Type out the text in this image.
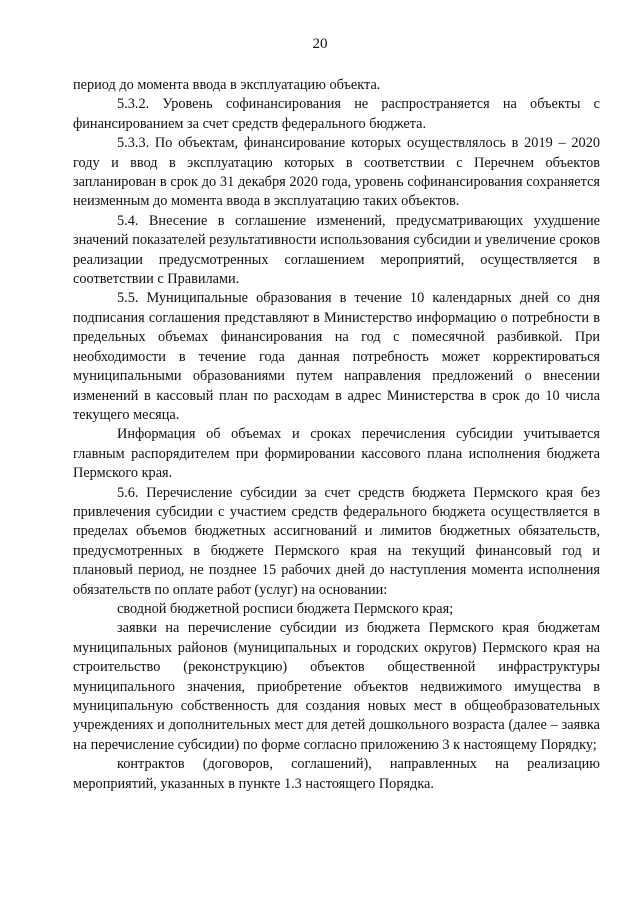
20

период до момента ввода в эксплуатацию объекта.

5.3.2. Уровень софинансирования не распространяется на объекты с финансированием за счет средств федерального бюджета.

5.3.3. По объектам, финансирование которых осуществлялось в 2019 – 2020 году и ввод в эксплуатацию которых в соответствии с Перечнем объектов запланирован в срок до 31 декабря 2020 года, уровень софинансирования сохраняется неизменным до момента ввода в эксплуатацию таких объектов.

5.4. Внесение в соглашение изменений, предусматривающих ухудшение значений показателей результативности использования субсидии и увеличение сроков реализации предусмотренных соглашением мероприятий, осуществляется в соответствии с Правилами.

5.5. Муниципальные образования в течение 10 календарных дней со дня подписания соглашения представляют в Министерство информацию о потребности в предельных объемах финансирования на год с помесячной разбивкой. При необходимости в течение года данная потребность может корректироваться муниципальными образованиями путем направления предложений о внесении изменений в кассовый план по расходам в адрес Министерства в срок до 10 числа текущего месяца.

Информация об объемах и сроках перечисления субсидии учитывается главным распорядителем при формировании кассового плана исполнения бюджета Пермского края.

5.6. Перечисление субсидии за счет средств бюджета Пермского края без привлечения субсидии с участием средств федерального бюджета осуществляется в пределах объемов бюджетных ассигнований и лимитов бюджетных обязательств, предусмотренных в бюджете Пермского края на текущий финансовый год и плановый период, не позднее 15 рабочих дней до наступления момента исполнения обязательств по оплате работ (услуг) на основании:

сводной бюджетной росписи бюджета Пермского края;

заявки на перечисление субсидии из бюджета Пермского края бюджетам муниципальных районов (муниципальных и городских округов) Пермского края на строительство (реконструкцию) объектов общественной инфраструктуры муниципального значения, приобретение объектов недвижимого имущества в муниципальную собственность для создания новых мест в общеобразовательных учреждениях и дополнительных мест для детей дошкольного возраста (далее – заявка на перечисление субсидии) по форме согласно приложению 3 к настоящему Порядку;

контрактов (договоров, соглашений), направленных на реализацию мероприятий, указанных в пункте 1.3 настоящего Порядка.
